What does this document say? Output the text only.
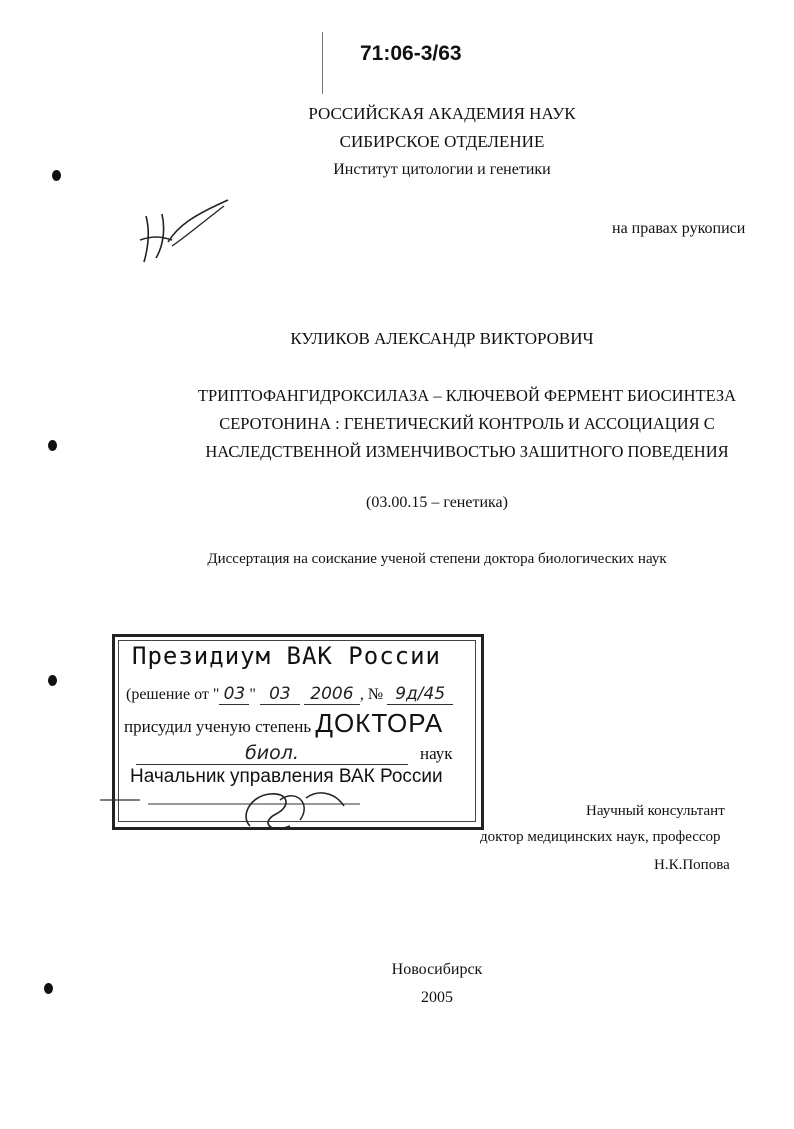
71:06-3/63
РОССИЙСКАЯ АКАДЕМИЯ НАУК
СИБИРСКОЕ ОТДЕЛЕНИЕ
Институт цитологии и генетики
на правах рукописи
КУЛИКОВ АЛЕКСАНДР ВИКТОРОВИЧ
ТРИПТОФАНГИДРОКСИЛАЗА – КЛЮЧЕВОЙ ФЕРМЕНТ БИОСИНТЕЗА
СЕРОТОНИНА : ГЕНЕТИЧЕСКИЙ КОНТРОЛЬ И АССОЦИАЦИЯ С
НАСЛЕДСТВЕННОЙ ИЗМЕНЧИВОСТЬЮ ЗАШИТНОГО ПОВЕДЕНИЯ
(03.00.15 – генетика)
Диссертация на соискание ученой степени доктора биологических наук
Президиум ВАК России
(решение от " 03 " 03 2006 , № 9д/45
присудил ученую степень ДОКТОРА
биол.	наук
Начальник управления ВАК России
Научный консультант
доктор медицинских наук, профессор
Н.К.Попова
Новосибирск
2005
